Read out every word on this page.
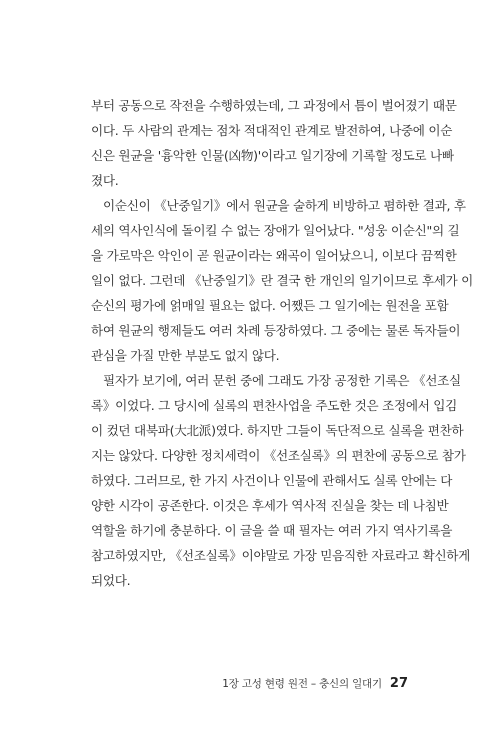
부터 공동으로 작전을 수행하였는데, 그 과정에서 틈이 벌어졌기 때문
이다. 두 사람의 관계는 점차 적대적인 관계로 발전하여, 나중에 이순
신은 원균을 '흉악한 인물(凶物)'이라고 일기장에 기록할 정도로 나빠
졌다.

이순신이 《난중일기》에서 원균을 술하게 비방하고 폄하한 결과, 후
세의 역사인식에 돌이킬 수 없는 장애가 일어났다. "성웅 이순신"의 길
을 가로막은 악인이 곧 원균이라는 왜곡이 일어났으니, 이보다 끔찍한
일이 없다. 그런데 《난중일기》란 결국 한 개인의 일기이므로 후세가 이
순신의 평가에 얽매일 필요는 없다. 어쨌든 그 일기에는 원전을 포함
하여 원균의 행제들도 여러 차례 등장하였다. 그 중에는 물론 독자들이
관심을 가질 만한 부분도 없지 않다.

필자가 보기에, 여러 문헌 중에 그래도 가장 공정한 기록은 《선조실
록》이었다. 그 당시에 실록의 편찬사업을 주도한 것은 조정에서 입김
이 컸던 대북파(大北派)였다. 하지만 그들이 독단적으로 실록을 편찬하
지는 않았다. 다양한 정치세력이 《선조실록》의 편찬에 공동으로 참가
하였다. 그러므로, 한 가지 사건이나 인물에 관해서도 실록 안에는 다
양한 시각이 공존한다. 이것은 후세가 역사적 진실을 찾는 데 나침반
역할을 하기에 충분하다. 이 글을 쓸 때 필자는 여러 가지 역사기록을
참고하였지만, 《선조실록》이야말로 가장 믿음직한 자료라고 확신하게
되었다.

1장 고성 현령 원전 – 충신의 일대기 27
